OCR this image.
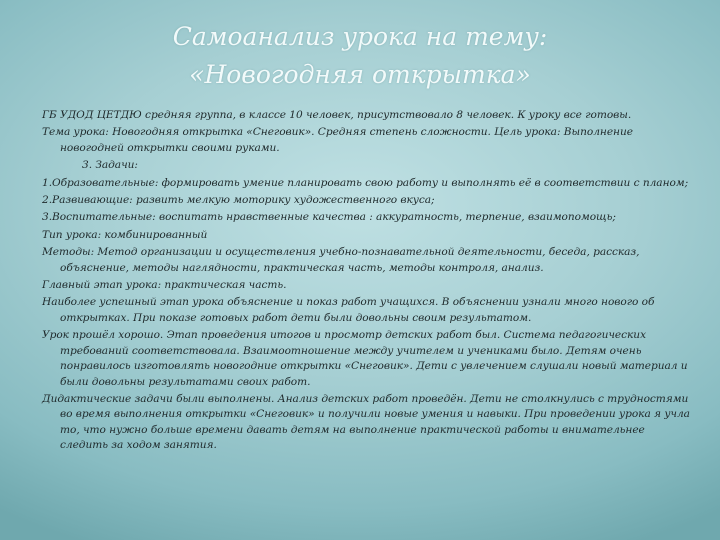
Самоанализ урока на тему:
«Новогодняя открытка»

ГБ УДОД ЦЕТДЮ средняя группа, в классе 10 человек, присутствовало 8 человек. К уроку все готовы.

Тема урока: Новогодняя открытка «Снеговик». Средняя степень сложности. Цель урока: Выполнение новогодней открытки своими руками.

3. Задачи:

1.Образовательные: формировать умение планировать свою работу и выполнять её в соответствии с планом;

2.Развивающие: развить мелкую моторику художественного вкуса;

3.Воспитательные: воспитать нравственные качества : аккуратность, терпение, взаимопомощь;

Тип урока: комбинированный

Методы: Метод организации и осуществления учебно-познавательной деятельности, беседа, рассказ, объяснение, методы наглядности, практическая часть, методы контроля, анализ.

Главный этап урока: практическая часть.

Наиболее успешный этап урока объяснение и показ работ учащихся. В объяснении узнали много нового об открытках. При показе готовых работ дети были довольны своим результатом.

Урок прошёл хорошо. Этап проведения итогов и просмотр детских работ был. Система педагогических требований соответствовала. Взаимоотношение между учителем и учениками было. Детям очень понравилось изготовлять новогодние открытки «Снеговик». Дети с увлечением слушали новый материал и были довольны результатами своих работ.

Дидактические задачи были выполнены. Анализ детских работ проведён. Дети не столкнулись с трудностями во время выполнения открытки «Снеговик» и получили новые умения и навыки. При проведении урока я учла то, что нужно больше времени давать детям на выполнение практической работы и внимательнее следить за ходом занятия.
